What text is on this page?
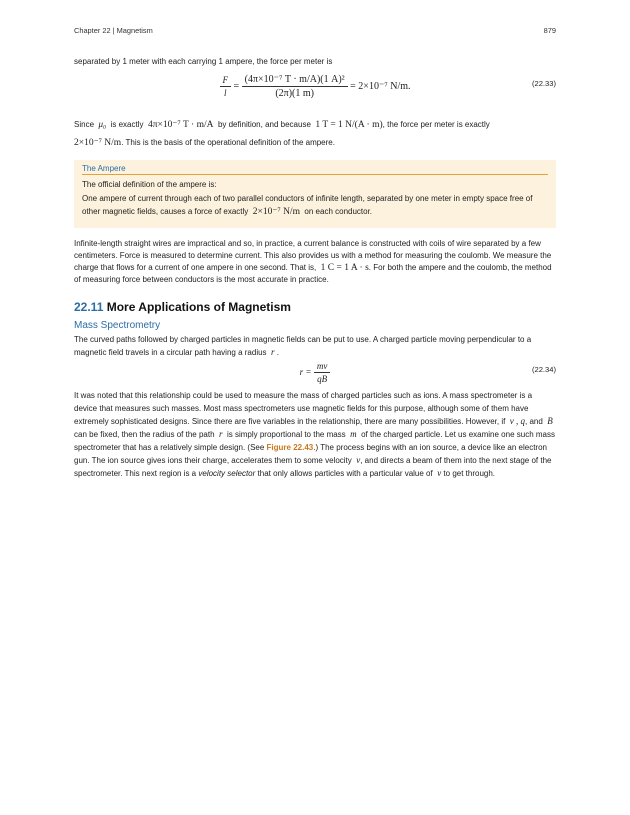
Chapter 22 | Magnetism	879

separated by 1 meter with each carrying 1 ampere, the force per meter is

$\frac{F}{l} = \frac{\text{(4π×10⁻⁷ T · m/A)(1 A)²}}{(2\pi)(1 m)} = 2\times 10^{-7}$ N/m.	(22.33)

Since μ₀ is exactly 4π×10⁻⁷ T · m/A by definition, and because 1 T = 1 N/(A · m), the force per meter is exactly
2×10⁻⁷ N/m. This is the basis of the operational definition of the ampere.

The Ampere

The official definition of the ampere is:

One ampere of current through each of two parallel conductors of infinite length, separated by one meter in empty space free of other magnetic fields, causes a force of exactly 2×10⁻⁷ N/m on each conductor.

Infinite-length straight wires are impractical and so, in practice, a current balance is constructed with coils of wire separated by a few centimeters. Force is measured to determine current. This also provides us with a method for measuring the coulomb. We measure the charge that flows for a current of one ampere in one second. That is, 1 C = 1 A · s. For both the ampere and the coulomb, the method of measuring force between conductors is the most accurate in practice.

22.11 More Applications of Magnetism
Mass Spectrometry

The curved paths followed by charged particles in magnetic fields can be put to use. A charged particle moving perpendicular to a magnetic field travels in a circular path having a radius r .

$r = \frac{mv}{qB}$	(22.34)

It was noted that this relationship could be used to measure the mass of charged particles such as ions. A mass spectrometer is a device that measures such masses. Most mass spectrometers use magnetic fields for this purpose, although some of them have extremely sophisticated designs. Since there are five variables in the relationship, there are many possibilities. However, if v , q, and B  can be fixed, then the radius of the path r is simply proportional to the mass m of the charged particle. Let us examine one such mass spectrometer that has a relatively simple design. (See Figure 22.43.) The process begins with an ion source, a device like an electron gun. The ion source gives ions their charge, accelerates them to some velocity v, and directs a beam of them into the next stage of the spectrometer. This next region is a velocity selector that only allows particles with a particular value of v to get through.
